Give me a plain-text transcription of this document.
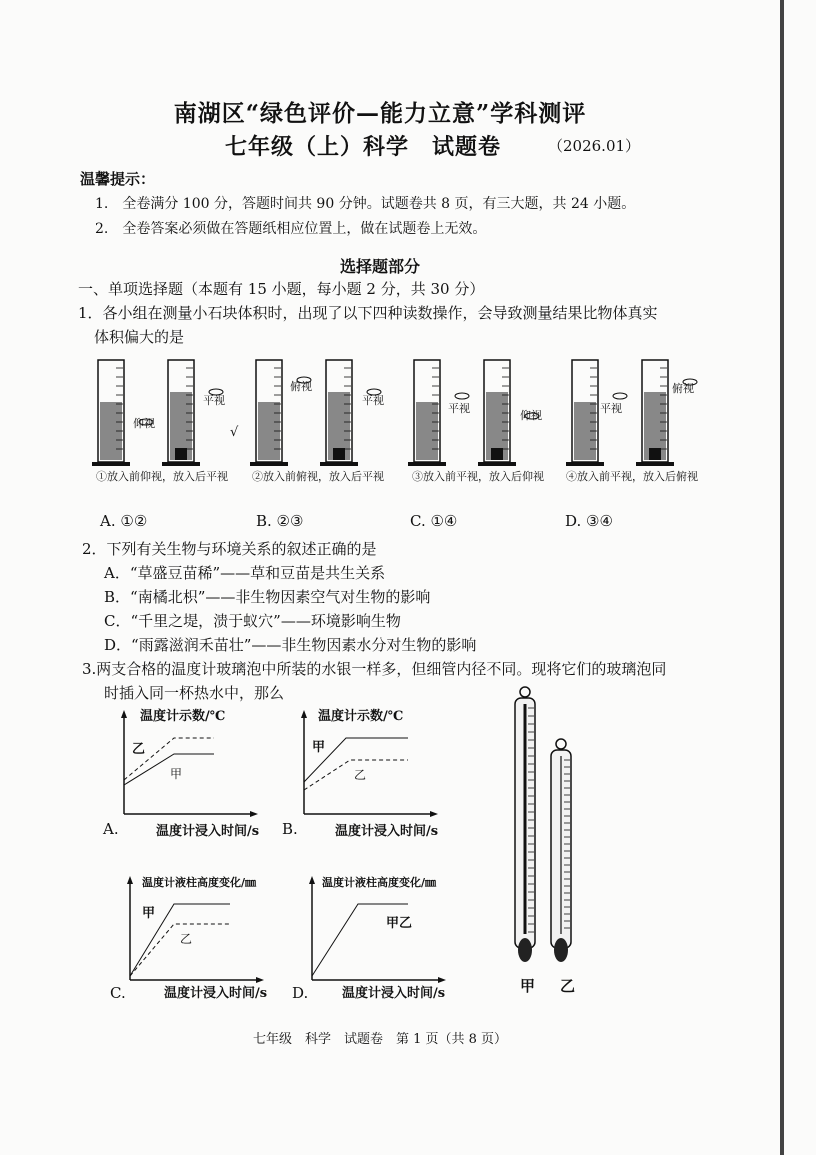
南湖区“绿色评价—能力立意”学科测评
七年级（上）科学　试题卷	（2026.01）
温馨提示：
1.　全卷满分 100 分，答题时间共 90 分钟。试题卷共 8 页，有三大题，共 24 小题。
2.　全卷答案必须做在答题纸相应位置上，做在试题卷上无效。
选择题部分
一、单项选择题（本题有 15 小题，每小题 2 分，共 30 分）
1．各小组在测量小石块体积时，出现了以下四种读数操作，会导致测量结果比物体真实
体积偏大的是
①放入前仰视，放入后平视 ②放入前俯视，放入后平视	③放入前平视，放入后仰视 ④放入前平视，放入后俯视
仰视
平视
俯视
平视
平视
仰视
平视
俯视
√
A. ①②	B. ②③	C. ①④	D. ③④
2．下列有关生物与环境关系的叙述正确的是
A．“草盛豆苗稀”——草和豆苗是共生关系
B．“南橘北枳”——非生物因素空气对生物的影响
C．“千里之堤，溃于蚁穴”——环境影响生物
D．“雨露滋润禾苗壮”——非生物因素水分对生物的影响
3.两支合格的温度计玻璃泡中所装的水银一样多，但细管内径不同。现将它们的玻璃泡同
时插入同一杯热水中，那么
温度计示数/℃
乙
甲
A.	温度计浸入时间/s
温度计示数/℃
甲
乙
B.	温度计浸入时间/s
温度计液柱高度变化/㎜
甲
乙
C.	温度计浸入时间/s
温度计液柱高度变化/㎜
甲乙
D.	温度计浸入时间/s	甲 乙
七年级　科学　试题卷　第 1 页（共 8 页）
